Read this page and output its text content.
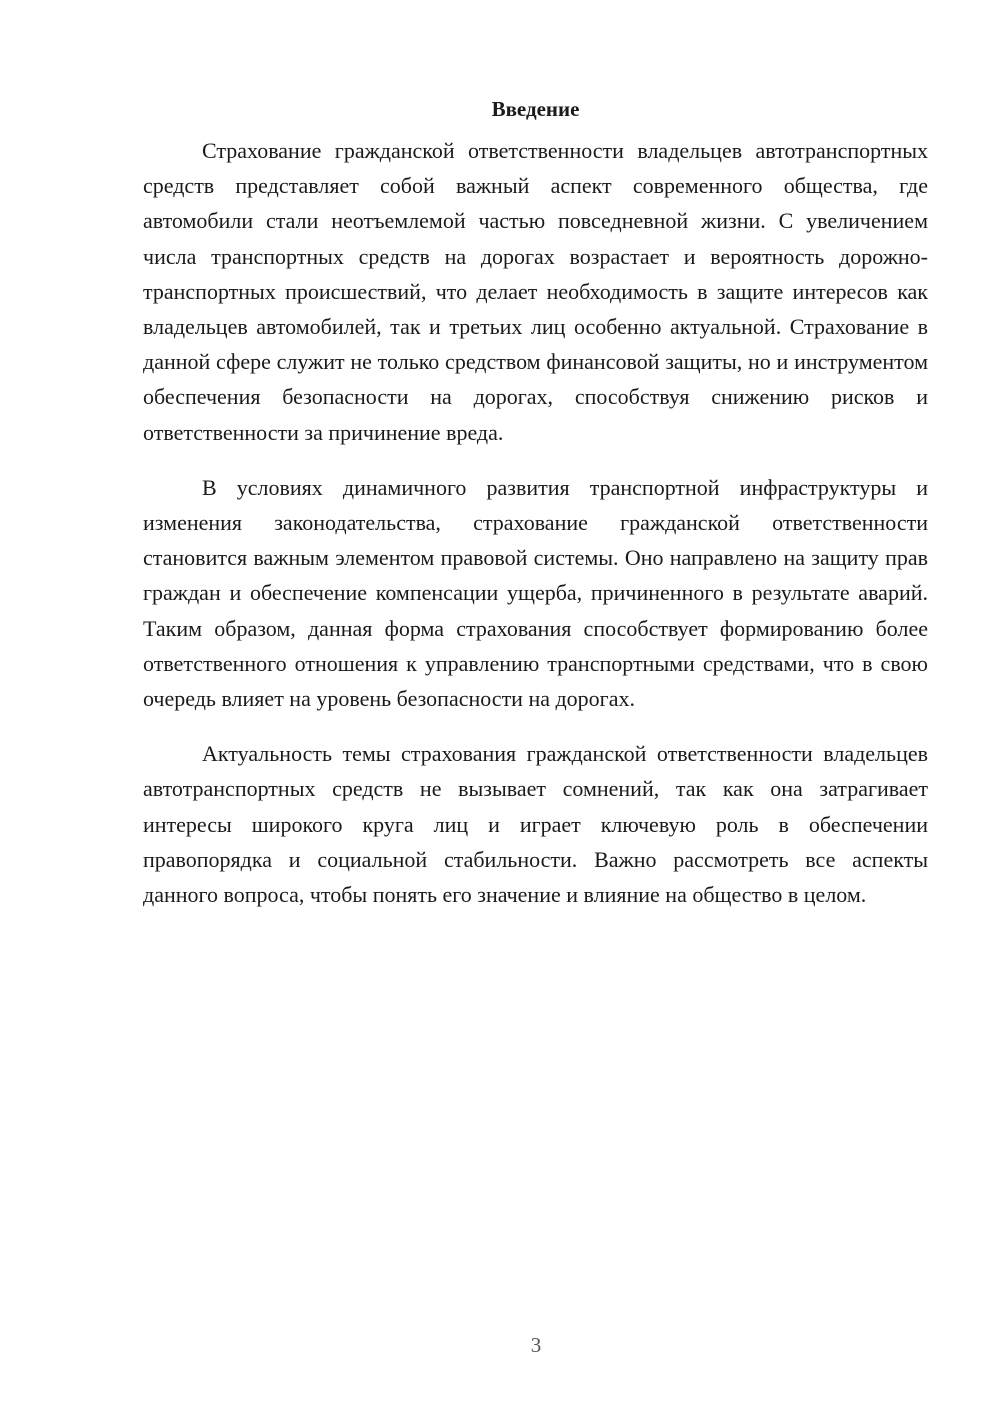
Введение

Страхование гражданской ответственности владельцев автотранспортных средств представляет собой важный аспект современного общества, где автомобили стали неотъемлемой частью повседневной жизни. С увеличением числа транспортных средств на дорогах возрастает и вероятность дорожно-транспортных происшествий, что делает необходимость в защите интересов как владельцев автомобилей, так и третьих лиц особенно актуальной. Страхование в данной сфере служит не только средством финансовой защиты, но и инструментом обеспечения безопасности на дорогах, способствуя снижению рисков и ответственности за причинение вреда.

В условиях динамичного развития транспортной инфраструктуры и изменения законодательства, страхование гражданской ответственности становится важным элементом правовой системы. Оно направлено на защиту прав граждан и обеспечение компенсации ущерба, причиненного в результате аварий. Таким образом, данная форма страхования способствует формированию более ответственного отношения к управлению транспортными средствами, что в свою очередь влияет на уровень безопасности на дорогах.

Актуальность темы страхования гражданской ответственности владельцев автотранспортных средств не вызывает сомнений, так как она затрагивает интересы широкого круга лиц и играет ключевую роль в обеспечении правопорядка и социальной стабильности. Важно рассмотреть все аспекты данного вопроса, чтобы понять его значение и влияние на общество в целом.

3
